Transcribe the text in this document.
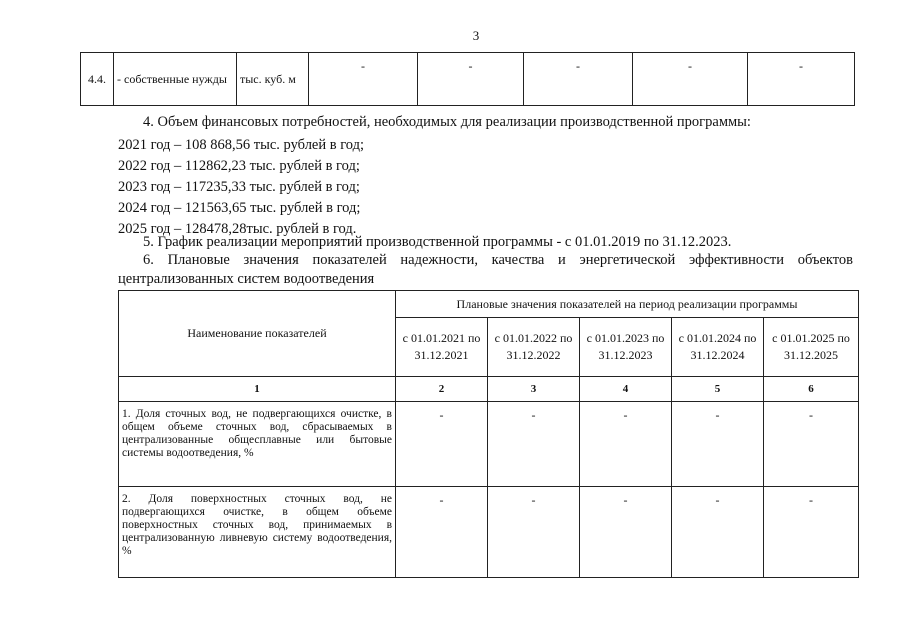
3
4.4.	- собственные нужды	тыс. куб. м	-	-	-	-	-
4. Объем финансовых потребностей, необходимых для реализации производственной программы:
2021 год – 108 868,56 тыс. рублей в год;
2022 год – 112862,23 тыс. рублей в год;
2023 год – 117235,33 тыс. рублей в год;
2024 год – 121563,65 тыс. рублей в год;
2025 год – 128478,28тыс. рублей в год.
5. График реализации мероприятий производственной программы - с 01.01.2019 по 31.12.2023.
6. Плановые значения показателей надежности, качества и энергетической эффективности объектов
централизованных систем водоотведения
Наименование показателей	Плановые значения показателей на период реализации программы				
	с 01.01.2021 по 31.12.2021	с 01.01.2022 по 31.12.2022	с 01.01.2023 по 31.12.2023	с 01.01.2024 по 31.12.2024	с 01.01.2025 по 31.12.2025
1	2	3	4	5	6
1. Доля сточных вод, не подвергающихся очистке, в общем объеме сточных вод, сбрасываемых в централизованные общесплавные или бытовые системы водоотведения, %	-	-	-	-	-
2. Доля поверхностных сточных вод, не подвергающихся очистке, в общем объеме поверхностных сточных вод, принимаемых в централизованную ливневую систему водоотведения, %	-	-	-	-	-
